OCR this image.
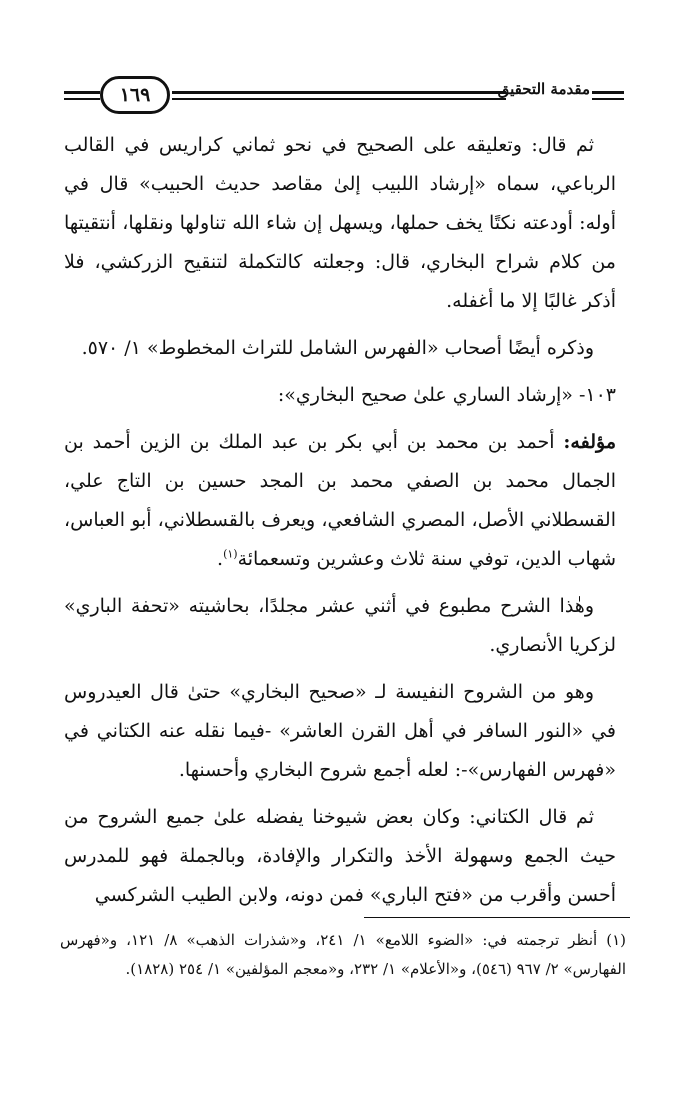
١٦٩	مقدمة التحقيق

ثم قال: وتعليقه على الصحيح في نحو ثماني كراريس في القالب الرباعي، سماه «إرشاد اللبيب إلىٰ مقاصد حديث الحبيب» قال في أوله: أودعته نكتًا يخف حملها، ويسهل إن شاء الله تناولها ونقلها، أنتقيتها من كلام شراح البخاري، قال: وجعلته كالتكملة لتنقيح الزركشي، فلا أذكر غالبًا إلا ما أغفله.

وذكره أيضًا أصحاب «الفهرس الشامل للتراث المخطوط» ١/ ٥٧٠.

١٠٣- «إرشاد الساري علىٰ صحيح البخاري»:

مؤلفه: أحمد بن محمد بن أبي بكر بن عبد الملك بن الزين أحمد بن الجمال محمد بن الصفي محمد بن المجد حسين بن التاج علي، القسطلاني الأصل، المصري الشافعي، ويعرف بالقسطلاني، أبو العباس، شهاب الدين، توفي سنة ثلاث وعشرين وتسعمائة$^{(١)}$.

وهٰذا الشرح مطبوع في أثني عشر مجلدًا، بحاشيته «تحفة الباري» لزكريا الأنصاري.

وهو من الشروح النفيسة لـ «صحيح البخاري» حتىٰ قال العيدروس في «النور السافر في أهل القرن العاشر» -فيما نقله عنه الكتاني في «فهرس الفهارس»-: لعله أجمع شروح البخاري وأحسنها.

ثم قال الكتاني: وكان بعض شيوخنا يفضله علىٰ جميع الشروح من حيث الجمع وسهولة الأخذ والتكرار والإفادة، وبالجملة فهو للمدرس أحسن وأقرب من «فتح الباري» فمن دونه، ولابن الطيب الشركسي

(١) أنظر ترجمته في: «الضوء اللامع» ١/ ٢٤١، و«شذرات الذهب» ٨/ ١٢١، و«فهرس الفهارس» ٢/ ٩٦٧ (٥٤٦)، و«الأعلام» ١/ ٢٣٢، و«معجم المؤلفين» ١/ ٢٥٤ (١٨٢٨).
